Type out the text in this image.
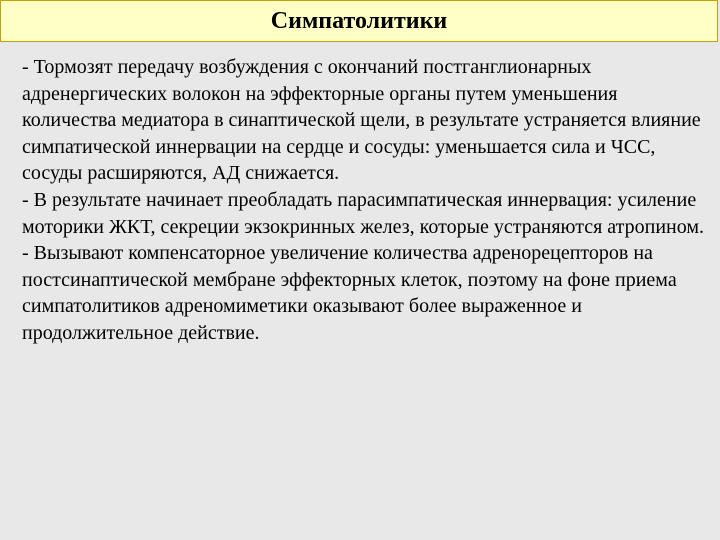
Симпатолитики

- Тормозят передачу возбуждения с окончаний постганглионарных адренергических волокон на эффекторные органы путем уменьшения количества медиатора в синаптической щели, в результате устраняется влияние симпатической иннервации на сердце и сосуды: уменьшается сила и ЧСС, сосуды расширяются, АД снижается.

- В результате начинает преобладать парасимпатическая иннервация: усиление моторики ЖКТ, секреции экзокринных желез, которые устраняются атропином.

- Вызывают компенсаторное увеличение количества адренорецепторов на постсинаптической мембране эффекторных клеток, поэтому на фоне приема симпатолитиков адреномиметики оказывают более выраженное и продолжительное действие.
